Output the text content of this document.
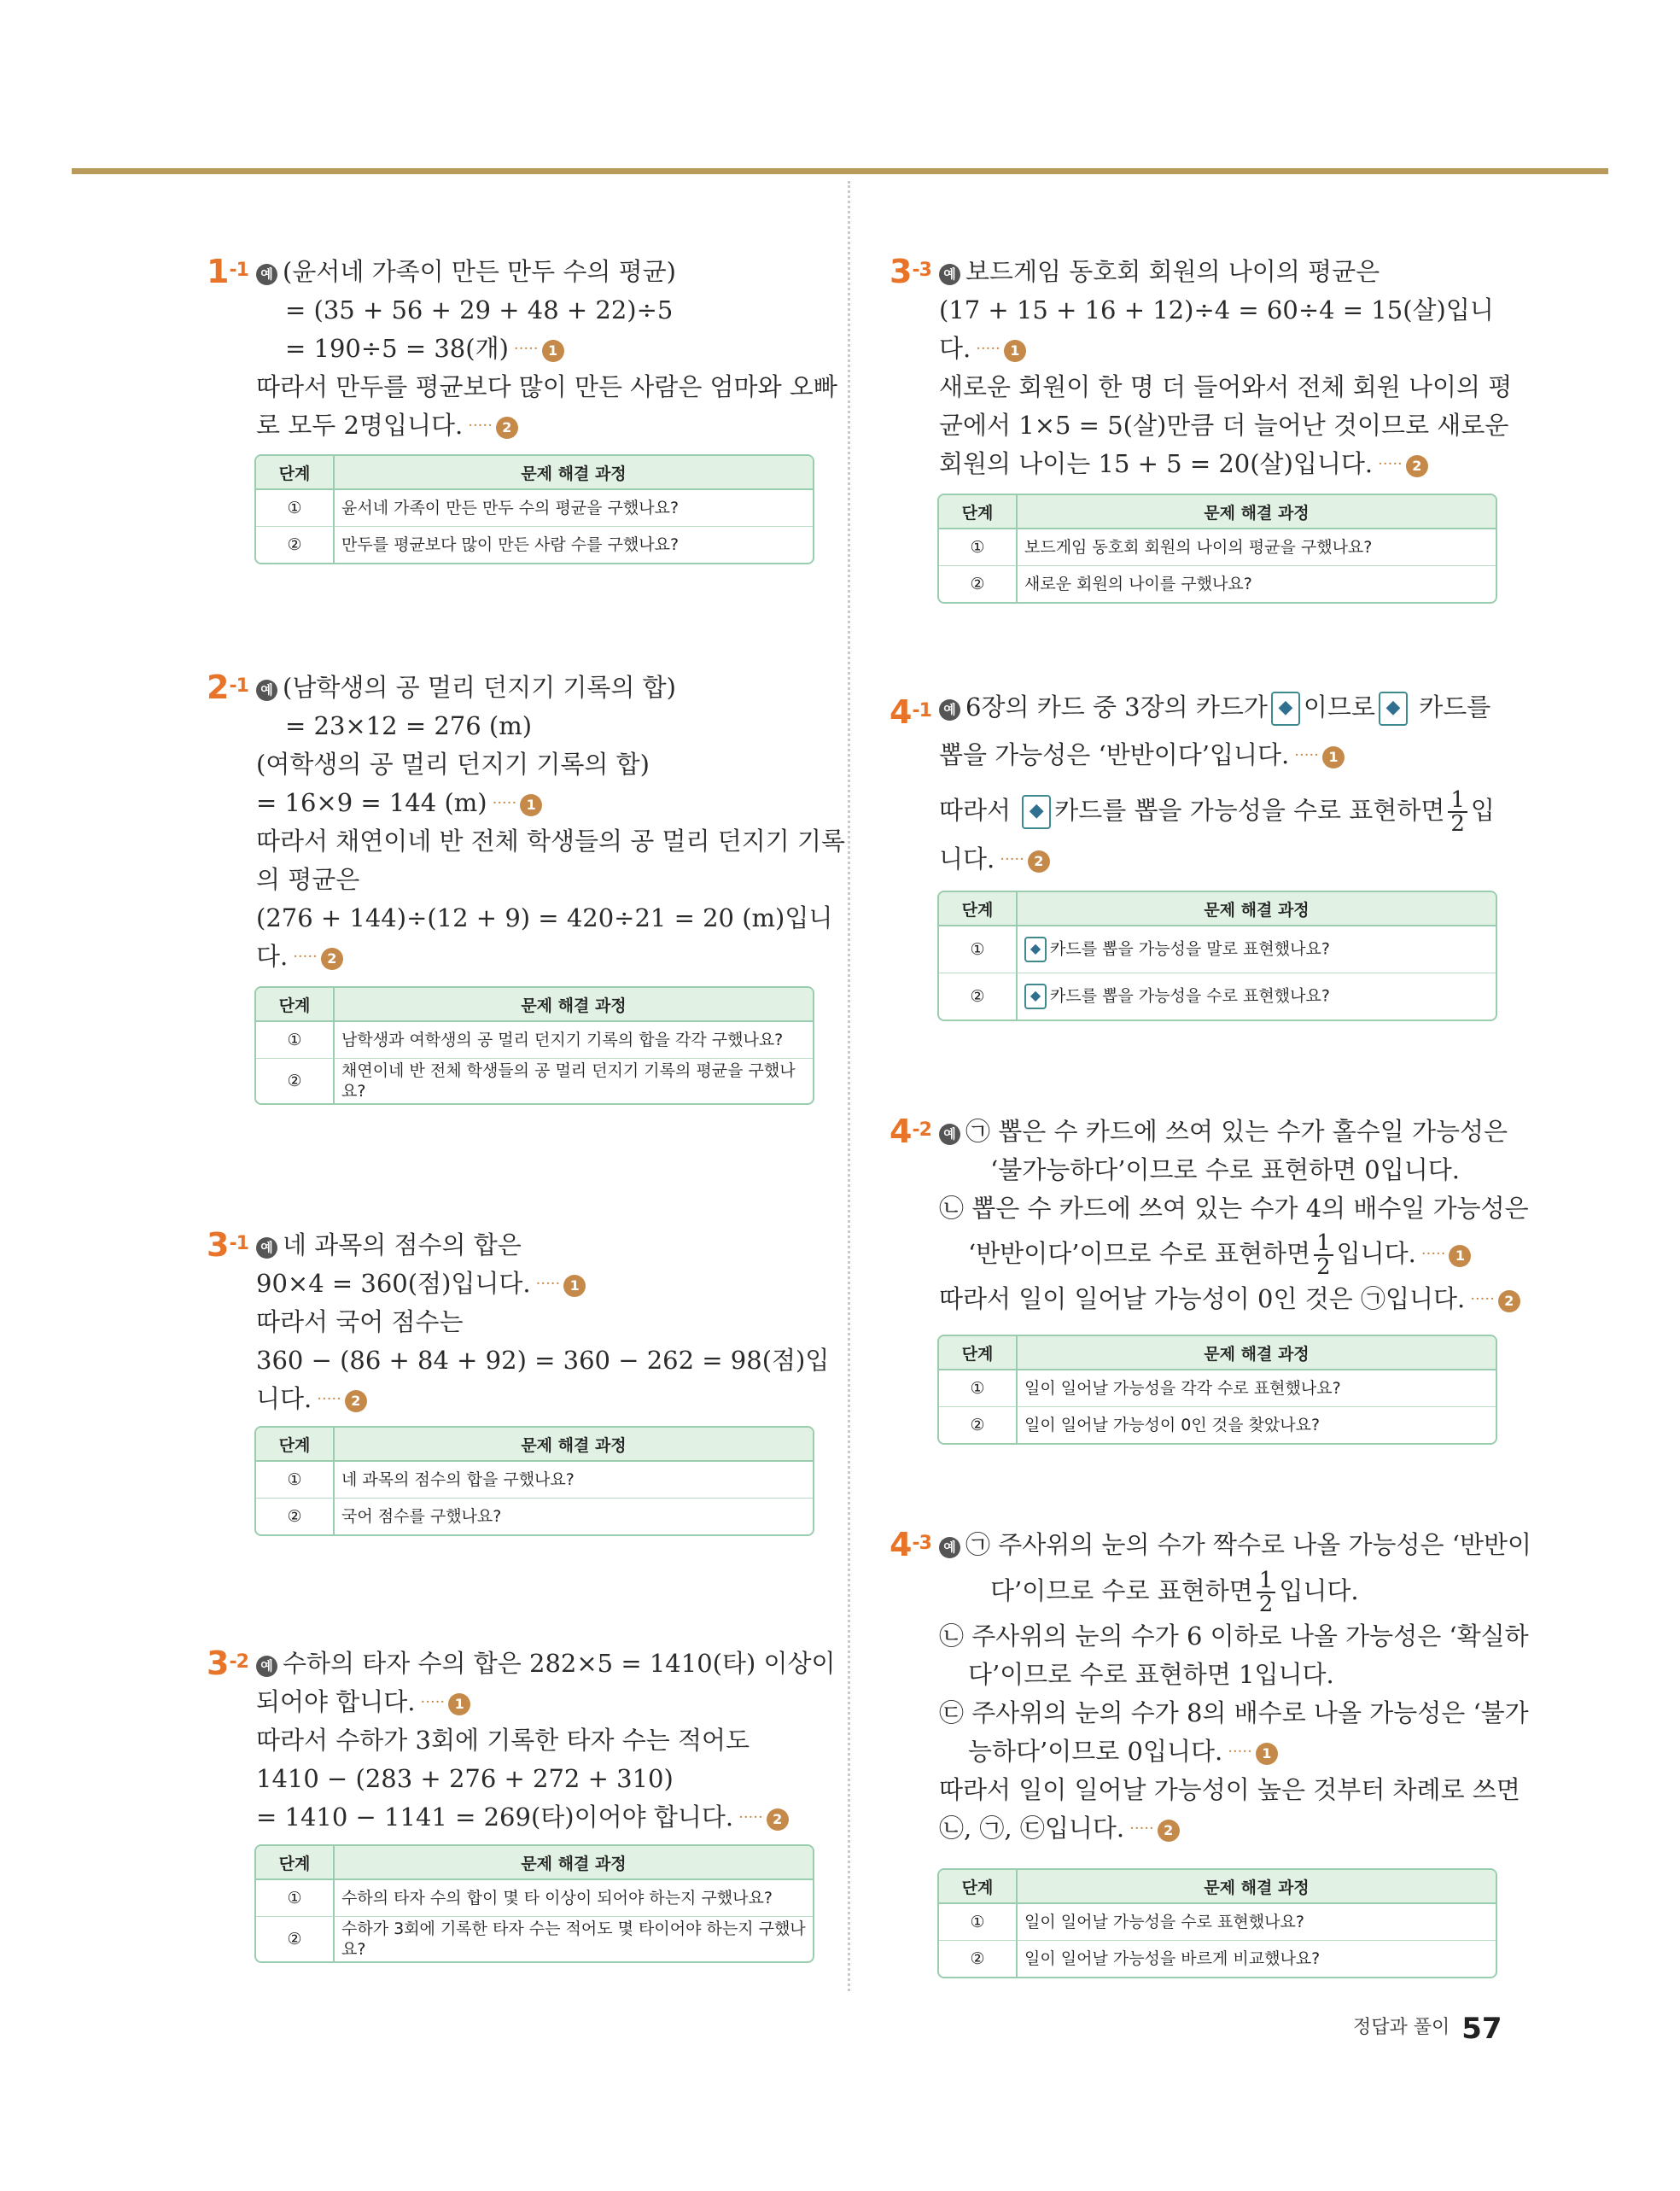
$1^{-1}$ 예 (윤서네 가족이 만든 만두 수의 평균)
= (35 + 56 + 29 + 48 + 22)÷5
= 190÷5 = 38(개) ····· 1
따라서 만두를 평균보다 많이 만든 사람은 엄마와 오빠
로 모두 2명입니다. ····· 2
단계	문제 해결 과정
①	윤서네 가족이 만든 만두 수의 평균을 구했나요?
②	만두를 평균보다 많이 만든 사람 수를 구했나요?
$2^{-1}$ 예 (남학생의 공 멀리 던지기 기록의 합)
= 23×12 = 276 (m)
(여학생의 공 멀리 던지기 기록의 합)
= 16×9 = 144 (m) ····· 1
따라서 채연이네 반 전체 학생들의 공 멀리 던지기 기록
의 평균은
(276 + 144)÷(12 + 9) = 420÷21 = 20 (m)입니
다. ····· 2
단계	문제 해결 과정
①	남학생과 여학생의 공 멀리 던지기 기록의 합을 각각 구했나요?
②	채연이네 반 전체 학생들의 공 멀리 던지기 기록의 평균을 구했나요?
$3^{-1}$ 예 네 과목의 점수의 합은
90×4 = 360(점)입니다. ····· 1
따라서 국어 점수는
360 − (86 + 84 + 92) = 360 − 262 = 98(점)입
니다. ····· 2
단계	문제 해결 과정
①	네 과목의 점수의 합을 구했나요?
②	국어 점수를 구했나요?
$3^{-2}$ 예 수하의 타자 수의 합은 282×5 = 1410(타) 이상이
되어야 합니다. ····· 1
따라서 수하가 3회에 기록한 타자 수는 적어도
1410 − (283 + 276 + 272 + 310)
= 1410 − 1141 = 269(타)이어야 합니다. ····· 2
단계	문제 해결 과정
①	수하의 타자 수의 합이 몇 타 이상이 되어야 하는지 구했나요?
②	수하가 3회에 기록한 타자 수는 적어도 몇 타이어야 하는지 구했나요?
$3^{-3}$ 예 보드게임 동호회 회원의 나이의 평균은
(17 + 15 + 16 + 12)÷4 = 60÷4 = 15(살)입니
다. ····· 1
새로운 회원이 한 명 더 들어와서 전체 회원 나이의 평
균에서 1×5 = 5(살)만큼 더 늘어난 것이므로 새로운
회원의 나이는 15 + 5 = 20(살)입니다. ····· 2
단계	문제 해결 과정
①	보드게임 동호회 회원의 나이의 평균을 구했나요?
②	새로운 회원의 나이를 구했나요?
$4^{-1}$ 예 6장의 카드 중 3장의 카드가 ◆ 이므로 ◆ 카드를
뽑을 가능성은 ‘반반이다’입니다. ····· 1
따라서 ◆ 카드를 뽑을 가능성을 수로 표현하면 $\frac{1}{2}$ 입
니다. ····· 2
단계	문제 해결 과정
①	◆ 카드를 뽑을 가능성을 말로 표현했나요?
②	◆ 카드를 뽑을 가능성을 수로 표현했나요?
$4^{-2}$ 예 ㉠ 뽑은 수 카드에 쓰여 있는 수가 홀수일 가능성은
‘불가능하다’이므로 수로 표현하면 0입니다.
㉡ 뽑은 수 카드에 쓰여 있는 수가 4의 배수일 가능성은
‘반반이다’이므로 수로 표현하면 $\frac{1}{2}$ 입니다. ····· 1
따라서 일이 일어날 가능성이 0인 것은 ㉠입니다. ····· 2
단계	문제 해결 과정
①	일이 일어날 가능성을 각각 수로 표현했나요?
②	일이 일어날 가능성이 0인 것을 찾았나요?
$4^{-3}$ 예 ㉠ 주사위의 눈의 수가 짝수로 나올 가능성은 ‘반반이
다’이므로 수로 표현하면 $\frac{1}{2}$ 입니다.
㉡ 주사위의 눈의 수가 6 이하로 나올 가능성은 ‘확실하
다’이므로 수로 표현하면 1입니다.
㉢ 주사위의 눈의 수가 8의 배수로 나올 가능성은 ‘불가
능하다’이므로 0입니다. ····· 1
따라서 일이 일어날 가능성이 높은 것부터 차례로 쓰면
㉡, ㉠, ㉢입니다. ····· 2
단계	문제 해결 과정
①	일이 일어날 가능성을 수로 표현했나요?
②	일이 일어날 가능성을 바르게 비교했나요?
정답과 풀이 57
